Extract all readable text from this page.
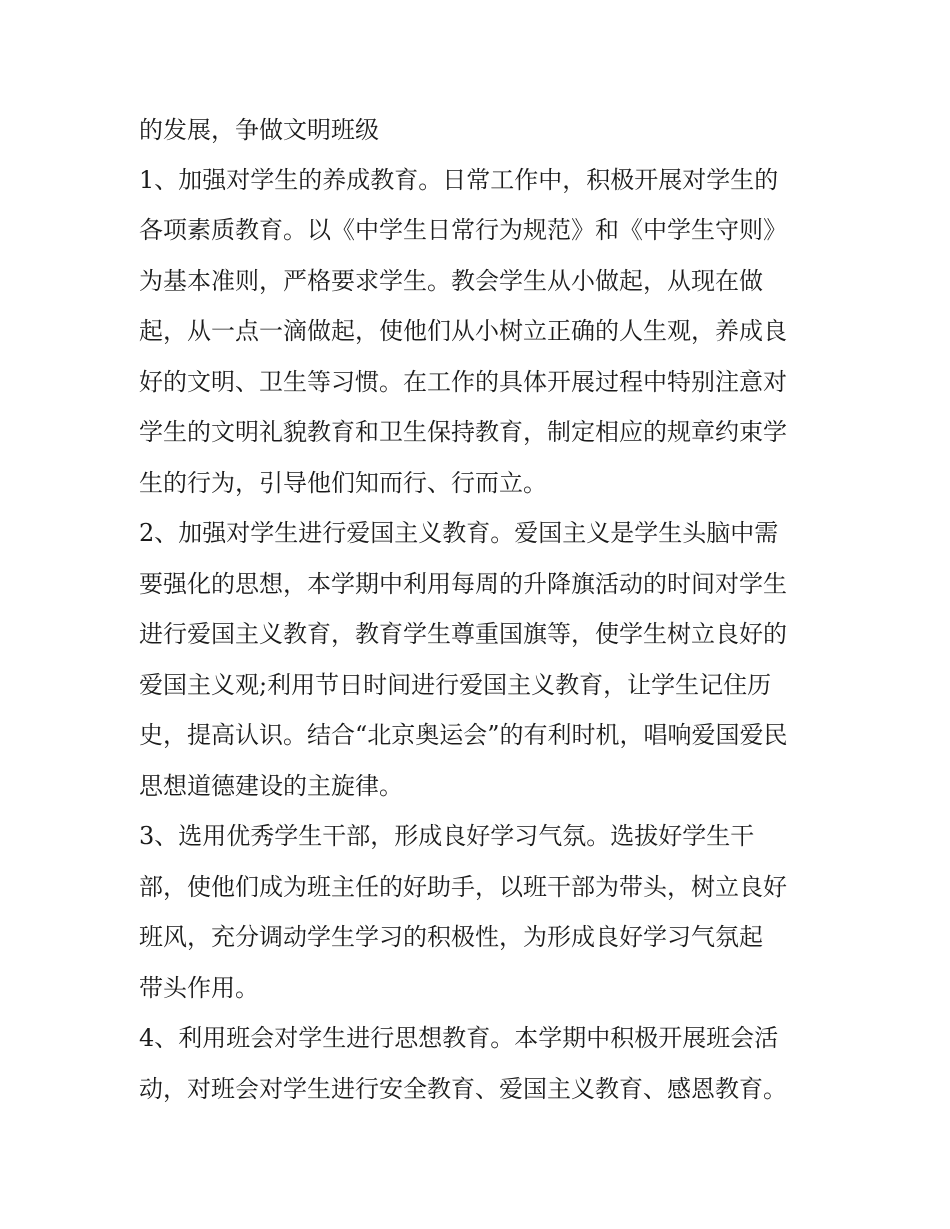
的发展，争做文明班级
1、加强对学生的养成教育。日常工作中，积极开展对学生的
各项素质教育。以《中学生日常行为规范》和《中学生守则》
为基本准则，严格要求学生。教会学生从小做起，从现在做
起，从一点一滴做起，使他们从小树立正确的人生观，养成良
好的文明、卫生等习惯。在工作的具体开展过程中特别注意对
学生的文明礼貌教育和卫生保持教育，制定相应的规章约束学
生的行为，引导他们知而行、行而立。
2、加强对学生进行爱国主义教育。爱国主义是学生头脑中需
要强化的思想，本学期中利用每周的升降旗活动的时间对学生
进行爱国主义教育，教育学生尊重国旗等，使学生树立良好的
爱国主义观;利用节日时间进行爱国主义教育，让学生记住历
史，提高认识。结合“北京奥运会”的有利时机，唱响爱国爱民
思想道德建设的主旋律。
3、选用优秀学生干部，形成良好学习气氛。选拔好学生干
部，使他们成为班主任的好助手，以班干部为带头，树立良好
班风，充分调动学生学习的积极性，为形成良好学习气氛起
带头作用。
4、利用班会对学生进行思想教育。本学期中积极开展班会活
动，对班会对学生进行安全教育、爱国主义教育、感恩教育。
